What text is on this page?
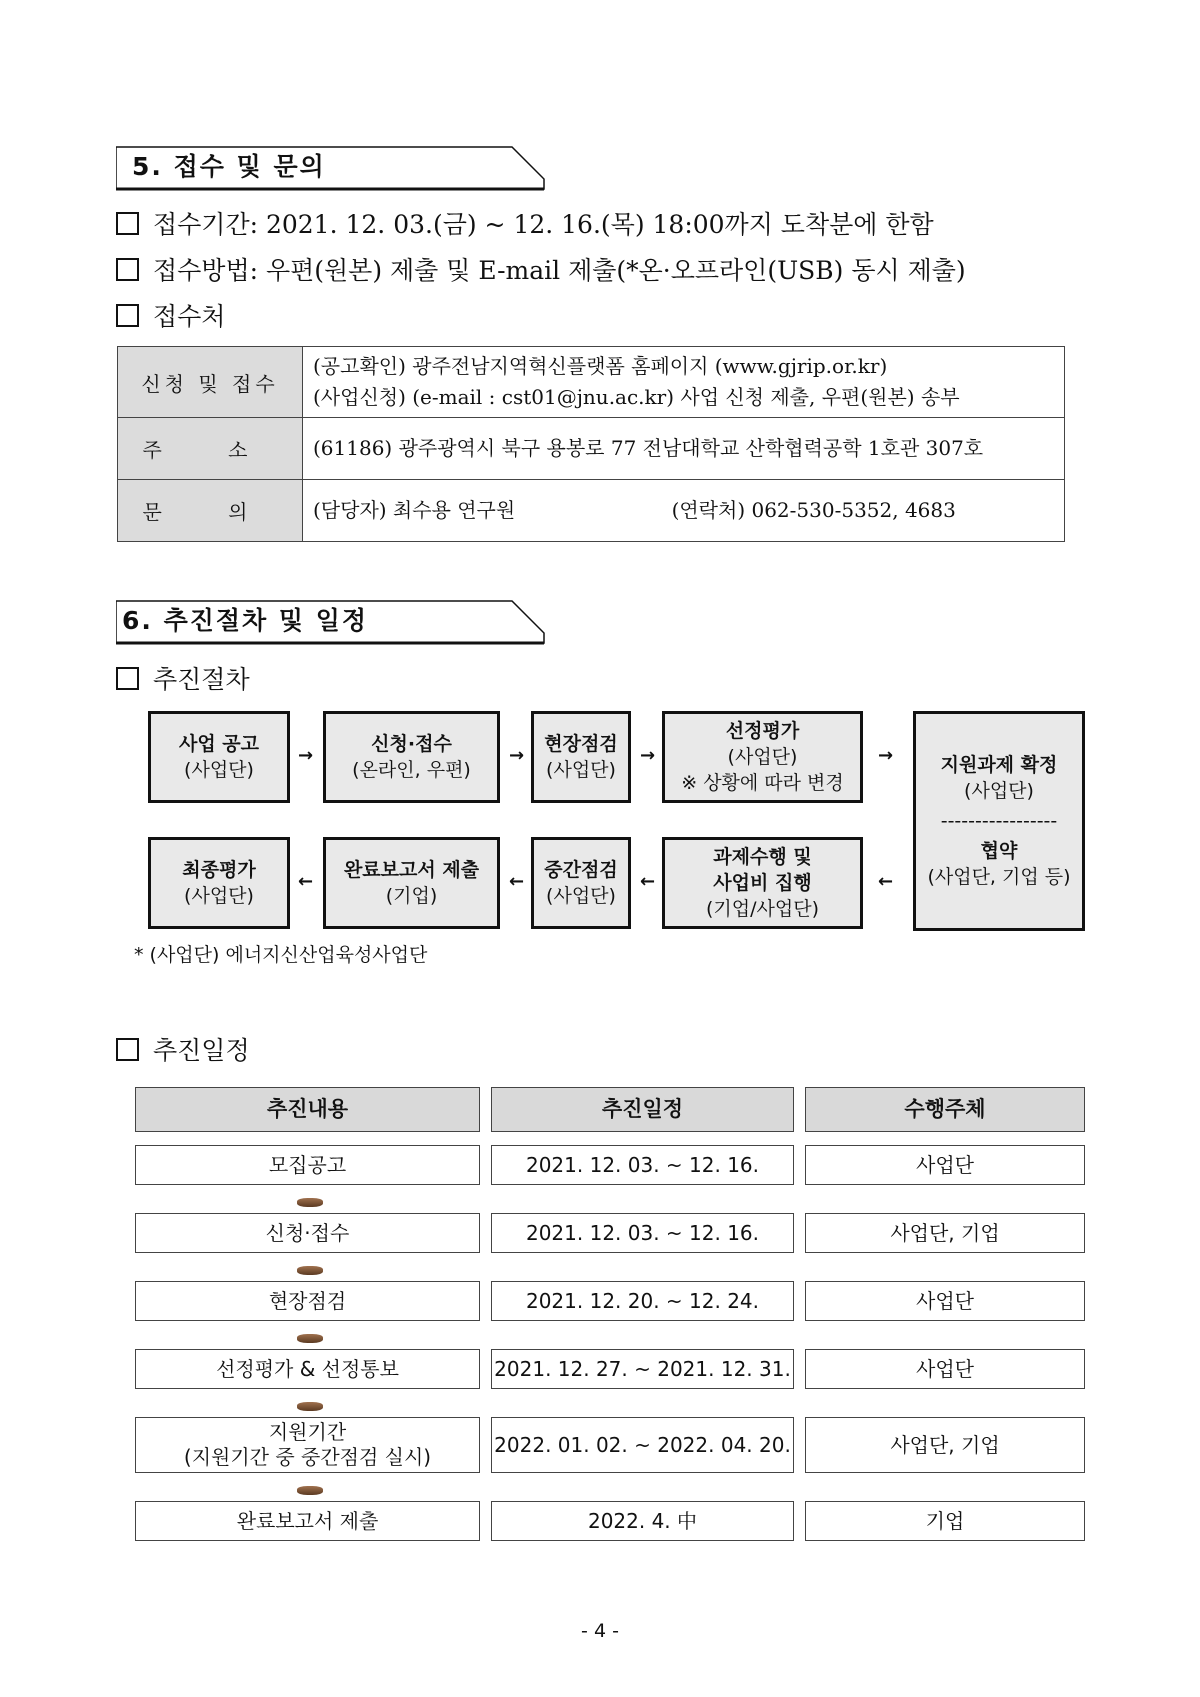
5. 접수 및 문의
접수기간: 2021. 12. 03.(금) ~ 12. 16.(목) 18:00까지 도착분에 한함
접수방법: 우편(원본) 제출 및 E-mail 제출(*온·오프라인(USB) 동시 제출)
접수처
신청 및 접수	(공고확인) 광주전남지역혁신플랫폼 홈페이지 (www.gjrip.or.kr)
(사업신청) (e-mail : cst01@jnu.ac.kr) 사업 신청 제출, 우편(원본) 송부

주 소	(61186) 광주광역시 북구 용봉로 77 전남대학교 산학협력공학 1호관 307호
문 의	(담당자) 최수용 연구원 (연락처) 062-530-5352, 4683
6. 추진절차 및 일정
추진절차
사업 공고
(사업단)
→
신청·접수
(온라인, 우편)
→
현장점검
(사업단)
→
선정평가
(사업단)
※ 상황에 따라 변경
→	지원과제 확정
(사업단)
-----------------
협약
(사업단, 기업 등)
최종평가
(사업단)
←
완료보고서 제출
(기업)
←
중간점검
(사업단)
←
과제수행 및
사업비 집행
(기업/사업단)
←
* (사업단) 에너지신산업육성사업단
추진일정
추진내용	추진일정	수행주체
모집공고	2021. 12. 03. ~ 12. 16.	사업단
신청·접수	2021. 12. 03. ~ 12. 16.	사업단, 기업
현장점검	2021. 12. 20. ~ 12. 24.	사업단
선정평가 & 선정통보	2021. 12. 27. ~ 2021. 12. 31.	사업단
지원기간
(지원기간 중 중간점검 실시)
2022. 01. 02. ~ 2022. 04. 20.	사업단, 기업
완료보고서 제출	2022. 4. 中	기업
- 4 -
